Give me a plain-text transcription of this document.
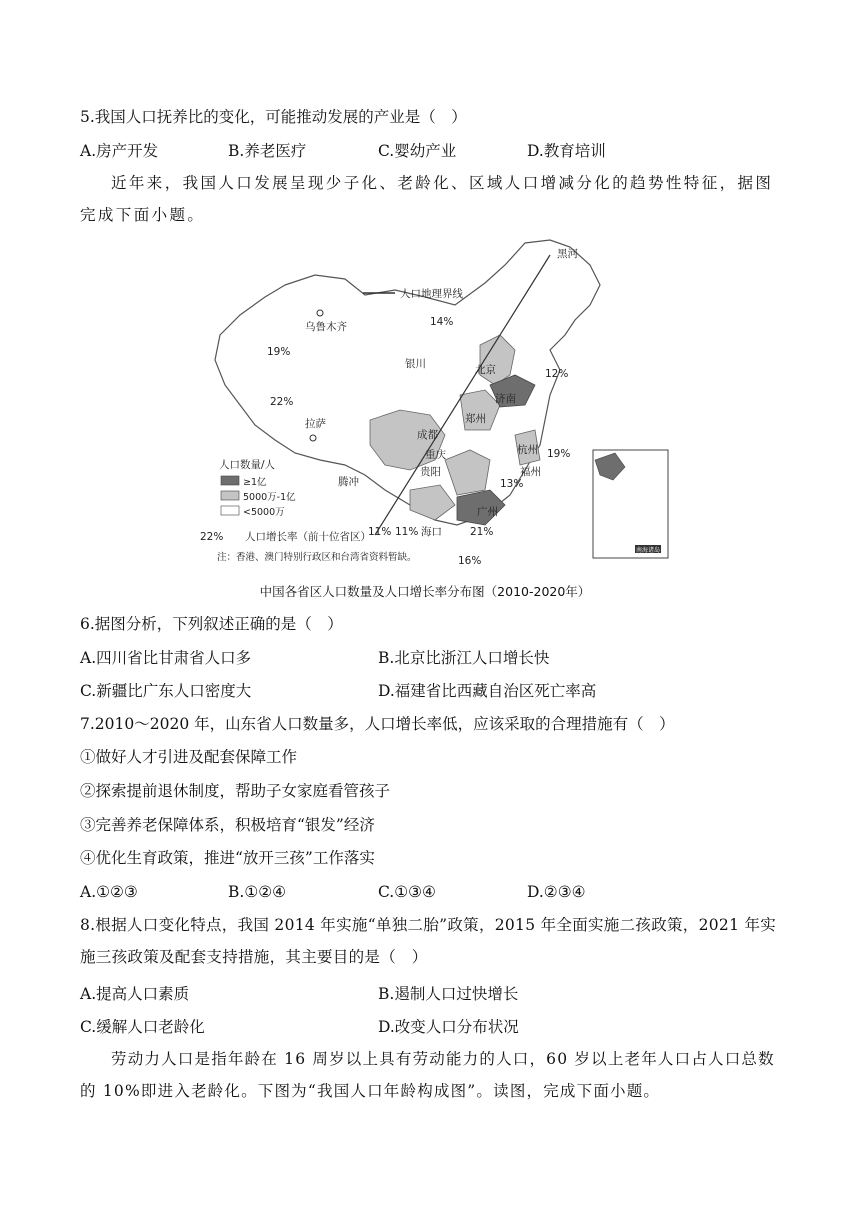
5.我国人口抚养比的变化，可能推动发展的产业是（　）
A.房产开发	B.养老医疗	C.婴幼产业	D.教育培训
近年来，我国人口发展呈现少子化、老龄化、区域人口增减分化的趋势性特征，据图完成下面小题。
南海诸岛
人口地理界线
黑河
乌鲁木齐
银川	北京
济南
郑州
成都
重庆
贵阳
杭州
福州
广州
拉萨
腾冲
海口
14%
19%
22%
12%
19%
13%
11% 11%	21%
16%
人口数量/人
≥1亿
5000万-1亿
<5000万
22% 人口增长率（前十位省区）
注：香港、澳门特别行政区和台湾省资料暂缺。
中国各省区人口数量及人口增长率分布图（2010-2020年）
6.据图分析，下列叙述正确的是（　）
A.四川省比甘肃省人口多	B.北京比浙江人口增长快
C.新疆比广东人口密度大	D.福建省比西藏自治区死亡率高
7.2010～2020 年，山东省人口数量多，人口增长率低，应该采取的合理措施有（　）
①做好人才引进及配套保障工作
②探索提前退休制度，帮助子女家庭看管孩子
③完善养老保障体系，积极培育“银发”经济
④优化生育政策，推进“放开三孩”工作落实
A.①②③	B.①②④	C.①③④	D.②③④
8.根据人口变化特点，我国 2014 年实施“单独二胎”政策，2015 年全面实施二孩政策，2021 年实施三孩政策及配套支持措施，其主要目的是（　）
A.提高人口素质	B.遏制人口过快增长
C.缓解人口老龄化	D.改变人口分布状况
劳动力人口是指年龄在 16 周岁以上具有劳动能力的人口，60 岁以上老年人口占人口总数的 10%即进入老龄化。下图为“我国人口年龄构成图”。读图，完成下面小题。
